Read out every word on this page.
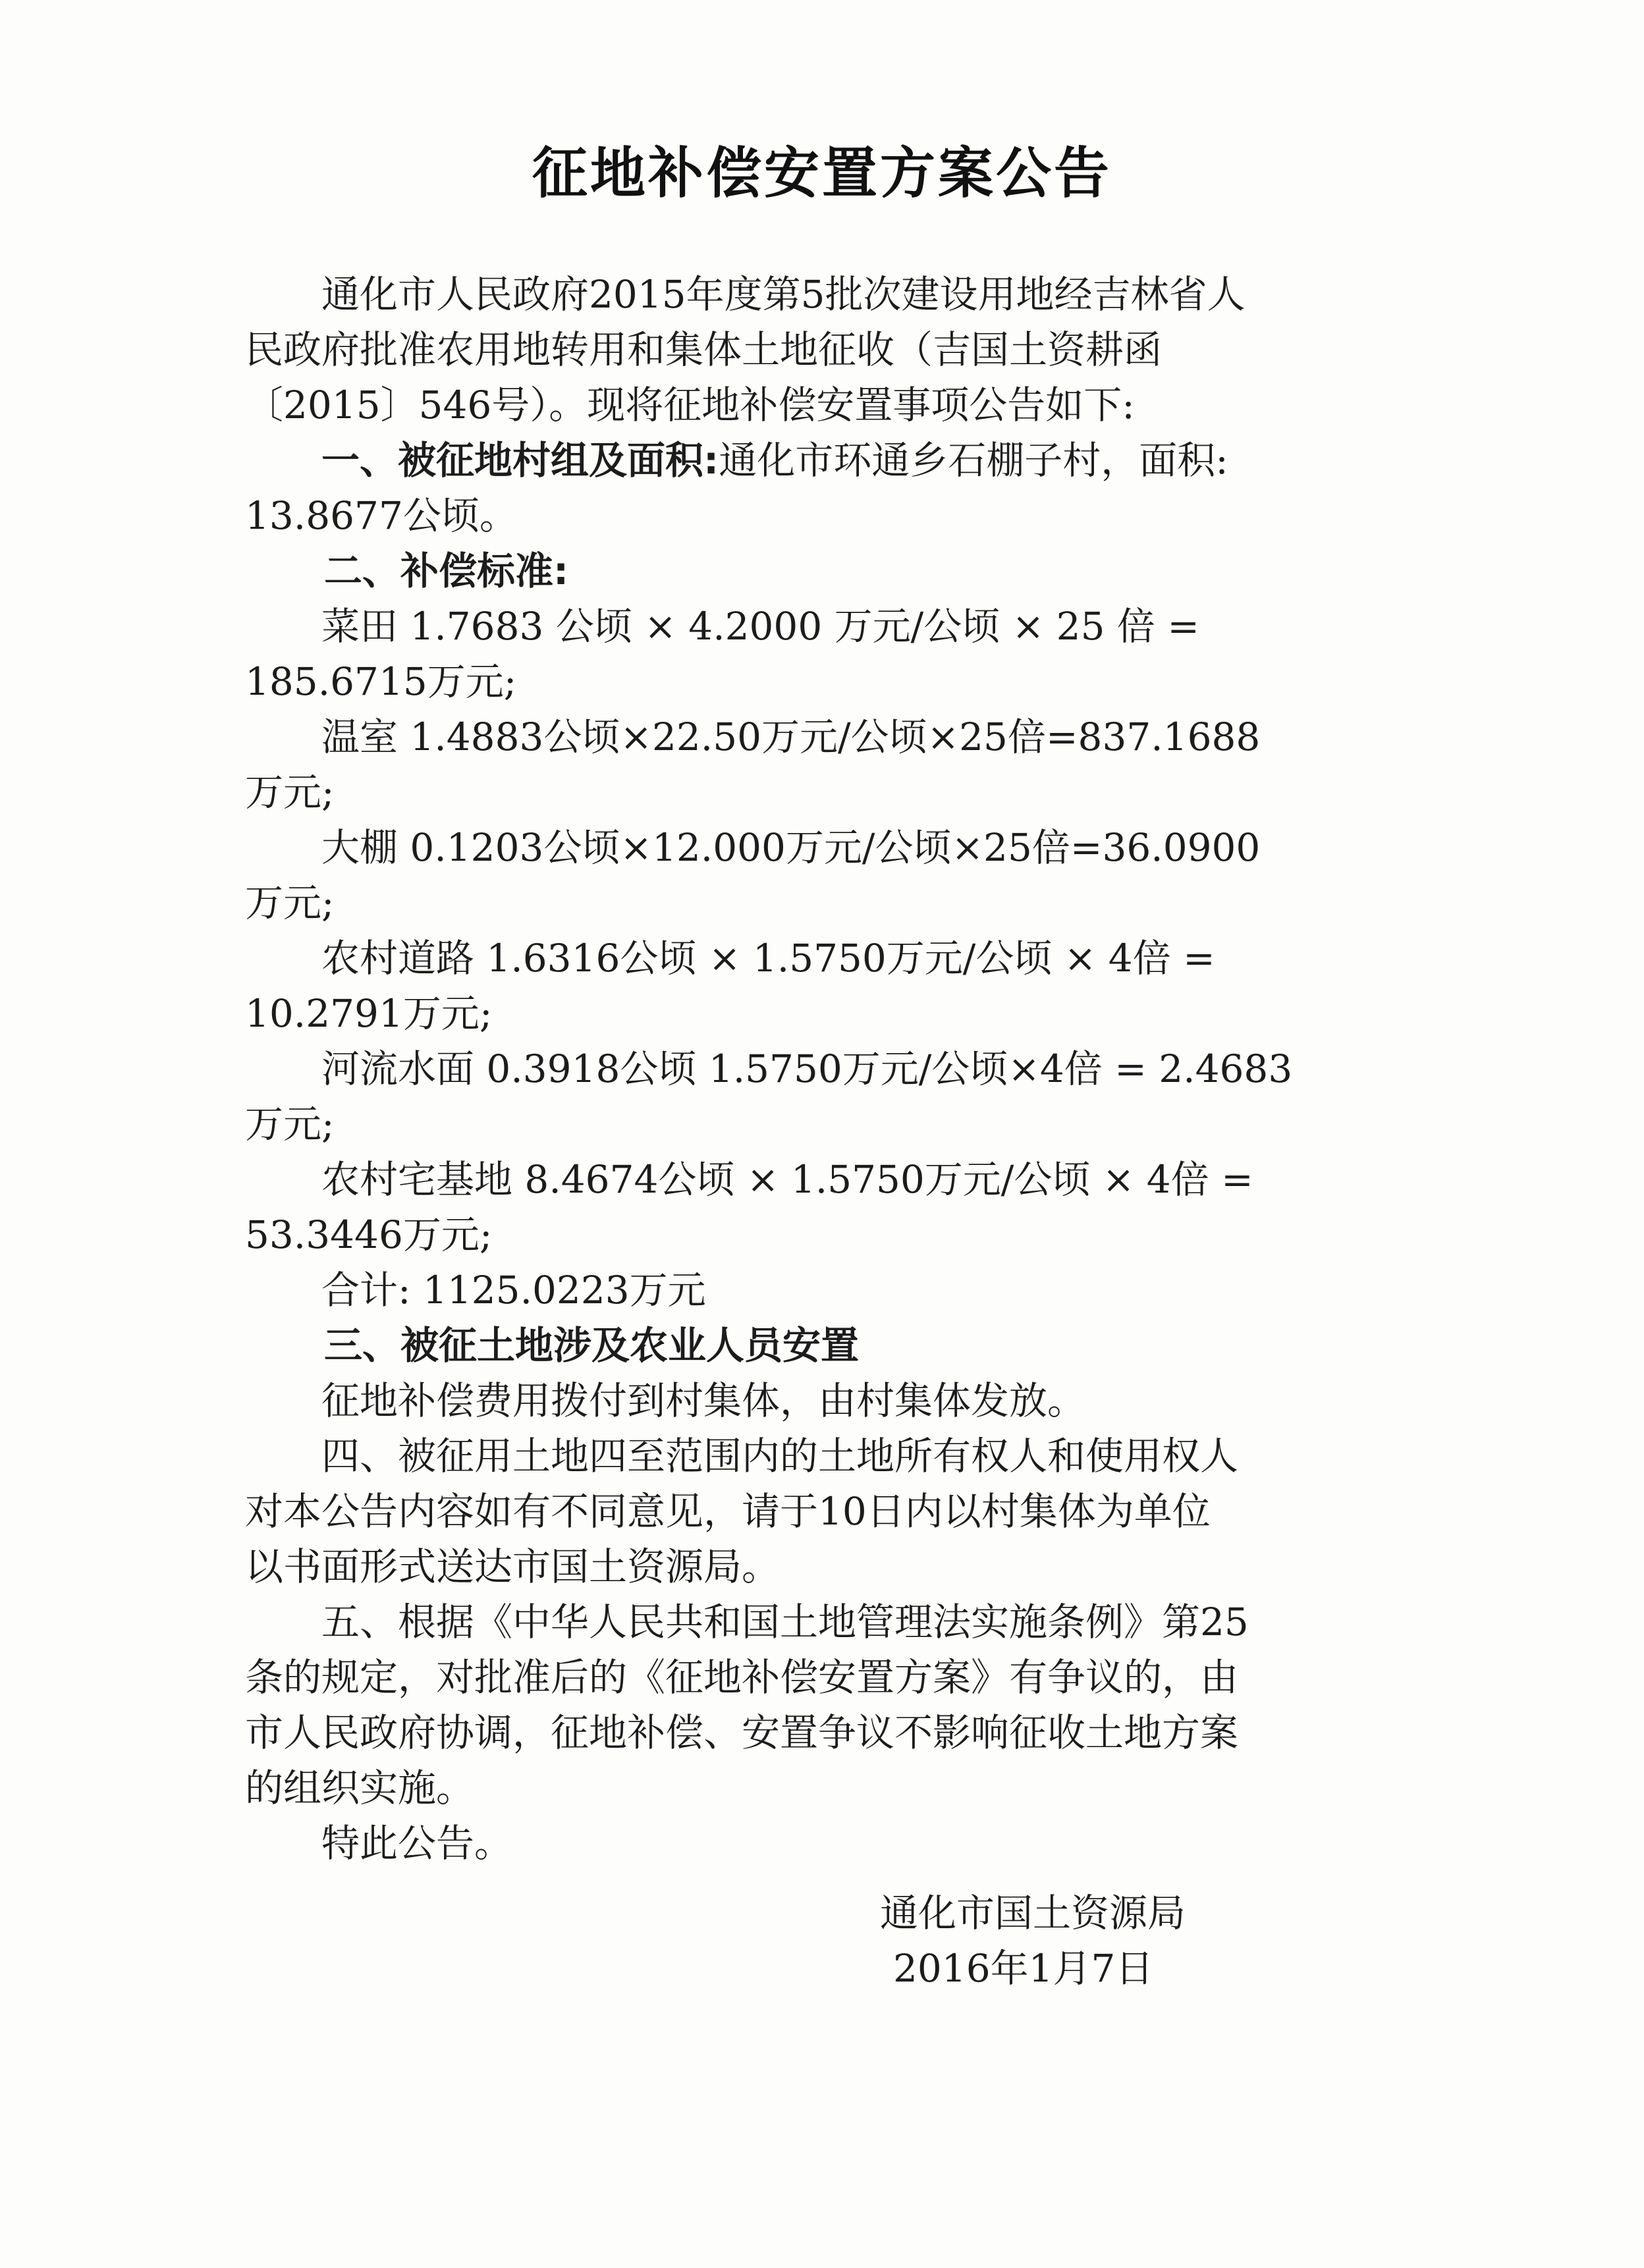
征地补偿安置方案公告
　　通化市人民政府2015年度第5批次建设用地经吉林省人
民政府批准农用地转用和集体土地征收（吉国土资耕函
〔2015〕546号）。现将征地补偿安置事项公告如下:
　　一、被征地村组及面积:通化市环通乡石棚子村，面积:
13.8677公顷。
二、补偿标准:
　　菜田 1.7683 公顷 × 4.2000 万元/公顷 × 25 倍 =
185.6715万元;
　　温室 1.4883公顷×22.50万元/公顷×25倍=837.1688
万元;
　　大棚 0.1203公顷×12.000万元/公顷×25倍=36.0900
万元;
　　农村道路 1.6316公顷 × 1.5750万元/公顷 × 4倍 =
10.2791万元;
　　河流水面 0.3918公顷 1.5750万元/公顷×4倍 = 2.4683
万元;
　　农村宅基地 8.4674公顷 × 1.5750万元/公顷 × 4倍 =
53.3446万元;
　　合计: 1125.0223万元
三、被征土地涉及农业人员安置
　　征地补偿费用拨付到村集体，由村集体发放。
　　四、被征用土地四至范围内的土地所有权人和使用权人
对本公告内容如有不同意见，请于10日内以村集体为单位
以书面形式送达市国土资源局。
　　五、根据《中华人民共和国土地管理法实施条例》第25
条的规定，对批准后的《征地补偿安置方案》有争议的，由
市人民政府协调，征地补偿、安置争议不影响征收土地方案
的组织实施。
　　特此公告。
通化市国土资源局
2016年1月7日
